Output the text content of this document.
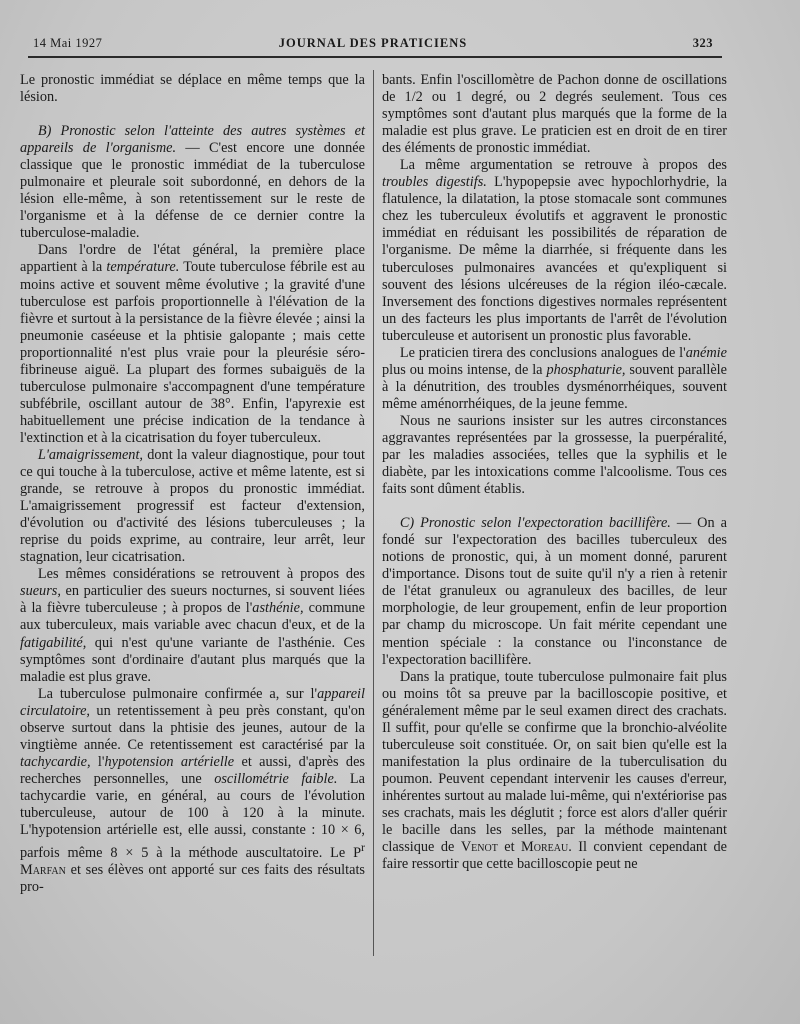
14 Mai 1927	JOURNAL DES PRATICIENS	323

Le pronostic immédiat se déplace en même temps que la lésion.

B) Pronostic selon l'atteinte des autres systèmes et appareils de l'organisme. — C'est encore une donnée classique que le pronostic immédiat de la tuberculose pulmonaire et pleurale soit subordonné, en dehors de la lésion elle-même, à son retentissement sur le reste de l'organisme et à la défense de ce dernier contre la tuberculose-maladie.

Dans l'ordre de l'état général, la première place appartient à la température. Toute tuberculose fébrile est au moins active et souvent même évolutive ; la gravité d'une tuberculose est parfois proportionnelle à l'élévation de la fièvre et surtout à la persistance de la fièvre élevée ; ainsi la pneumonie caséeuse et la phtisie galopante ; mais cette proportionnalité n'est plus vraie pour la pleurésie séro-fibrineuse aiguë. La plupart des formes subaiguës de la tuberculose pulmonaire s'accompagnent d'une température subfébrile, oscillant autour de 38°. Enfin, l'apyrexie est habituellement une précise indication de la tendance à l'extinction et à la cicatrisation du foyer tuberculeux.

L'amaigrissement, dont la valeur diagnostique, pour tout ce qui touche à la tuberculose, active et même latente, est si grande, se retrouve à propos du pronostic immédiat. L'amaigrissement progressif est facteur d'extension, d'évolution ou d'activité des lésions tuberculeuses ; la reprise du poids exprime, au contraire, leur arrêt, leur stagnation, leur cicatrisation.

Les mêmes considérations se retrouvent à propos des sueurs, en particulier des sueurs nocturnes, si souvent liées à la fièvre tuberculeuse ; à propos de l'asthénie, commune aux tuberculeux, mais variable avec chacun d'eux, et de la fatigabilité, qui n'est qu'une variante de l'asthénie. Ces symptômes sont d'ordinaire d'autant plus marqués que la maladie est plus grave.

La tuberculose pulmonaire confirmée a, sur l'appareil circulatoire, un retentissement à peu près constant, qu'on observe surtout dans la phtisie des jeunes, autour de la vingtième année. Ce retentissement est caractérisé par la tachycardie, l'hypotension artérielle et aussi, d'après des recherches personnelles, une oscillométrie faible. La tachycardie varie, en général, au cours de l'évolution tuberculeuse, autour de 100 à 120 à la minute. L'hypotension artérielle est, elle aussi, constante : 10 × 6, parfois même 8 × 5 à la méthode auscultatoire. Le $P^r$ Marfan et ses élèves ont apporté sur ces faits des résultats pro-

bants. Enfin l'oscillomètre de Pachon donne de oscillations de 1/2 ou 1 degré, ou 2 degrés seulement. Tous ces symptômes sont d'autant plus marqués que la forme de la maladie est plus grave. Le praticien est en droit de en tirer des éléments de pronostic immédiat.

La même argumentation se retrouve à propos des troubles digestifs. L'hypopepsie avec hypochlorhydrie, la flatulence, la dilatation, la ptose stomacale sont communes chez les tuberculeux évolutifs et aggravent le pronostic immédiat en réduisant les possibilités de réparation de l'organisme. De même la diarrhée, si fréquente dans les tuberculoses pulmonaires avancées et qu'expliquent si souvent des lésions ulcéreuses de la région iléo-cæcale. Inversement des fonctions digestives normales représentent un des facteurs les plus importants de l'arrêt de l'évolution tuberculeuse et autorisent un pronostic plus favorable.

Le praticien tirera des conclusions analogues de l'anémie plus ou moins intense, de la phosphaturie, souvent parallèle à la dénutrition, des troubles dysménorrhéiques, souvent même aménorrhéiques, de la jeune femme.

Nous ne saurions insister sur les autres circonstances aggravantes représentées par la grossesse, la puerpéralité, par les maladies associées, telles que la syphilis et le diabète, par les intoxications comme l'alcoolisme. Tous ces faits sont dûment établis.

C) Pronostic selon l'expectoration bacillifère. — On a fondé sur l'expectoration des bacilles tuberculeux des notions de pronostic, qui, à un moment donné, parurent d'importance. Disons tout de suite qu'il n'y a rien à retenir de l'état granuleux ou agranuleux des bacilles, de leur morphologie, de leur groupement, enfin de leur proportion par champ du microscope. Un fait mérite cependant une mention spéciale : la constance ou l'inconstance de l'expectoration bacillifère.

Dans la pratique, toute tuberculose pulmonaire fait plus ou moins tôt sa preuve par la bacilloscopie positive, et généralement même par le seul examen direct des crachats. Il suffit, pour qu'elle se confirme que la bronchio-alvéolite tuberculeuse soit constituée. Or, on sait bien qu'elle est la manifestation la plus ordinaire de la tuberculisation du poumon. Peuvent cependant intervenir les causes d'erreur, inhérentes surtout au malade lui-même, qui n'extériorise pas ses crachats, mais les déglutit ; force est alors d'aller quérir le bacille dans les selles, par la méthode maintenant classique de Venot et Moreau. Il convient cependant de faire ressortir que cette bacilloscopie peut ne
